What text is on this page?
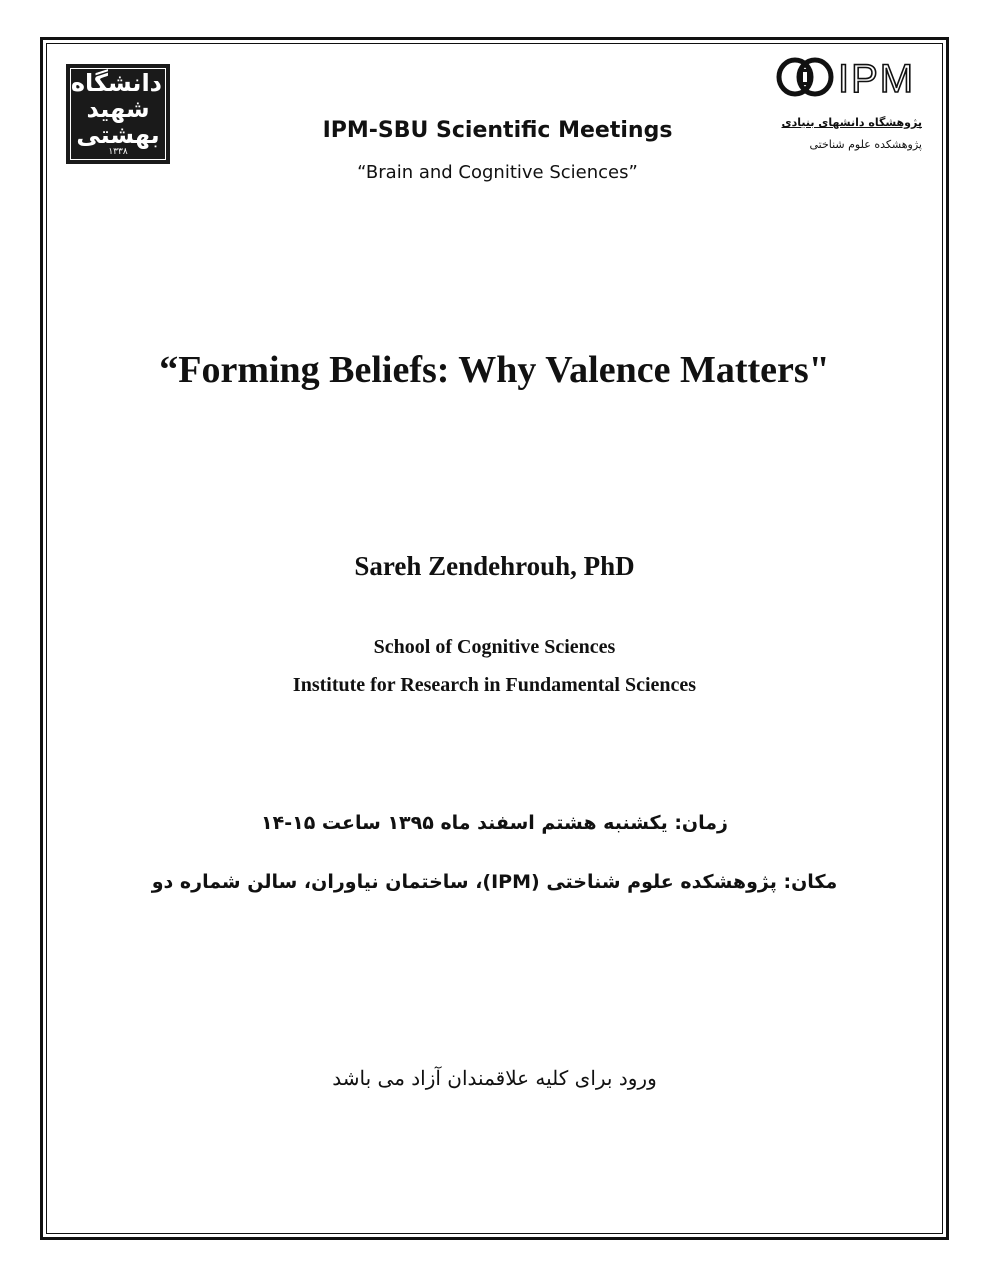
دانشگاه شهید بهشتی
۱۳۳۸
IPM
پژوهشگاه دانشهای بنیادی
پژوهشکده علوم شناختی
IPM-SBU Scientific Meetings
“Brain and Cognitive Sciences”
“Forming Beliefs: Why Valence Matters"
Sareh Zendehrouh, PhD
School of Cognitive Sciences
Institute for Research in Fundamental Sciences
زمان: یکشنبه هشتم اسفند ماه ۱۳۹۵ ساعت ۱۵-۱۴
مکان: پژوهشکده علوم شناختی (IPM)، ساختمان نیاوران، سالن شماره دو
ورود برای کلیه علاقمندان آزاد می باشد
